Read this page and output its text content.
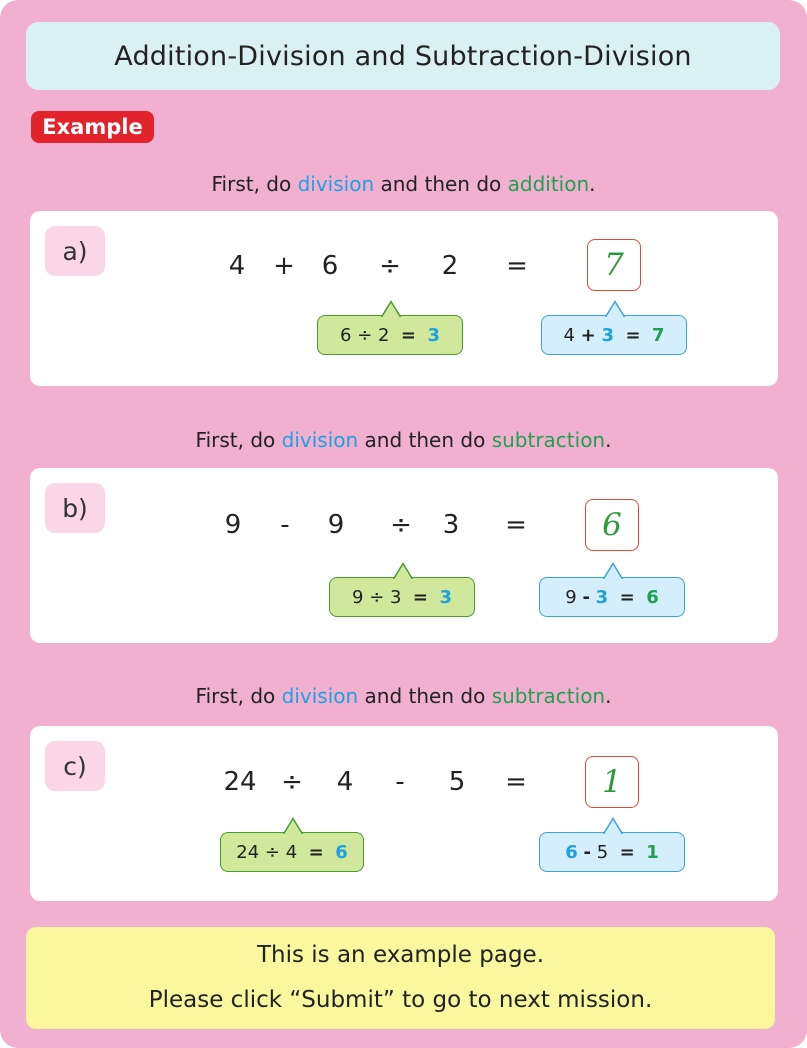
Addition-Division and Subtraction-Division
Example
First, do division and then do addition.
a)	4 + 6 ÷ 2 =	7
6
÷
2
=
3	4
+
3
=
7
First, do division and then do subtraction.
b)
9 - 9 ÷ 3 =	6
9
÷
3
=
3	9
-
3
=
6
First, do division and then do subtraction.
c)
24 ÷ 4 - 5 =	1
24
÷
4
=
6	6
-
5
=
1
This is an example page.
Please click “Submit” to go to next mission.
